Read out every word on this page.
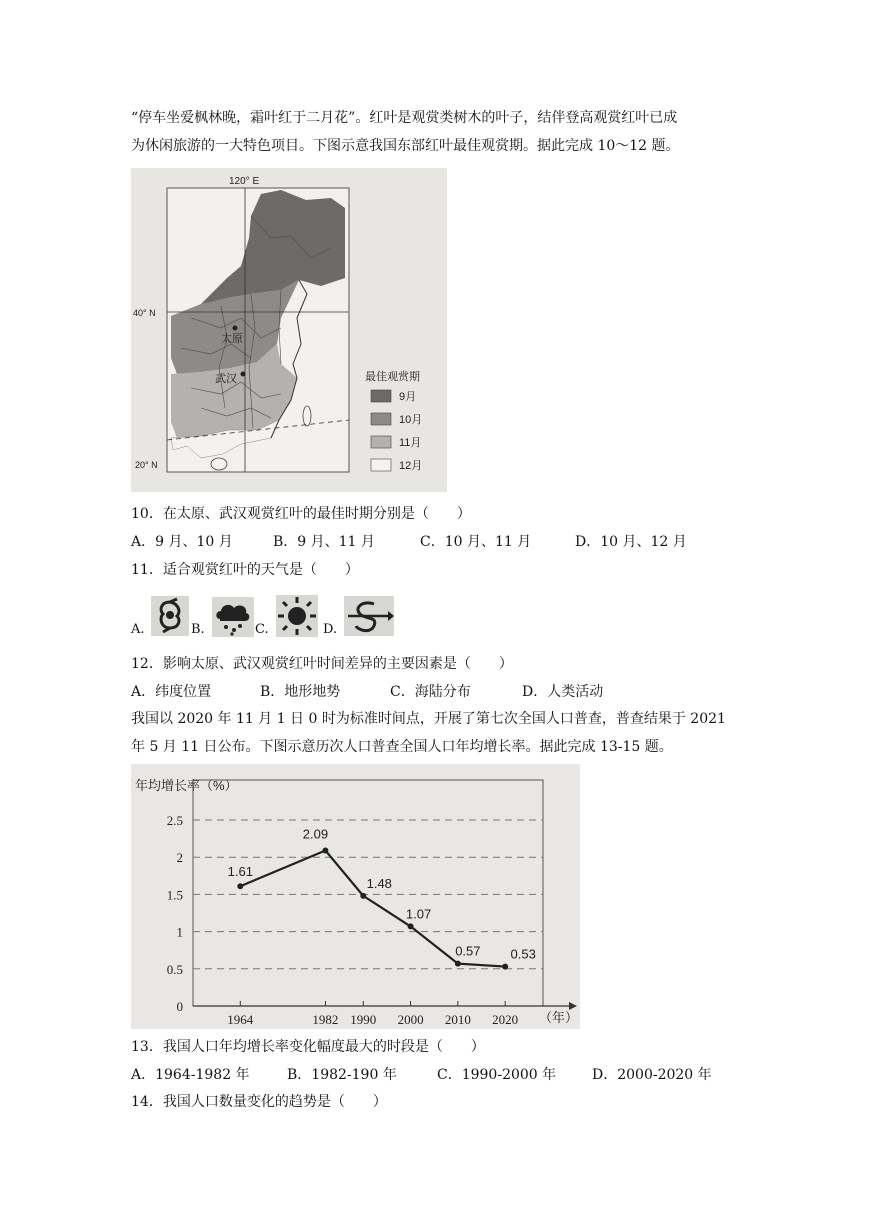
“停车坐爱枫林晚，霜叶红于二月花”。红叶是观赏类树木的叶子，结伴登高观赏红叶已成
为休闲旅游的一大特色项目。下图示意我国东部红叶最佳观赏期。据此完成 10～12 题。
120° E
40° N
20° N
太原
武汉	最佳观赏期
9月
10月
11月
12月
10．在太原、武汉观赏红叶的最佳时期分别是（　　）
A．9 月、10 月	B．9 月、11 月	C．10 月、11 月	D．10 月、12 月
11．适合观赏红叶的天气是（　　）
A.	B.	C.	D.
12．影响太原、武汉观赏红叶时间差异的主要因素是（　　）
A．纬度位置	B．地形地势	C．海陆分布	D．人类活动
我国以 2020 年 11 月 1 日 0 时为标准时间点，开展了第七次全国人口普查，普查结果于 2021
年 5 月 11 日公布。下图示意历次人口普查全国人口年均增长率。据此完成 13-15 题。
年均增长率（%）
（年）
0
0.5
1
1.5
2
2.5
1964	1982 1990 2000 2010 2020
1.61
2.09
1.48
1.07
0.57 0.53
13．我国人口年均增长率变化幅度最大的时段是（　　）
A．1964-1982 年	B．1982-190 年	C．1990-2000 年	D．2000-2020 年
14．我国人口数量变化的趋势是（　　）
